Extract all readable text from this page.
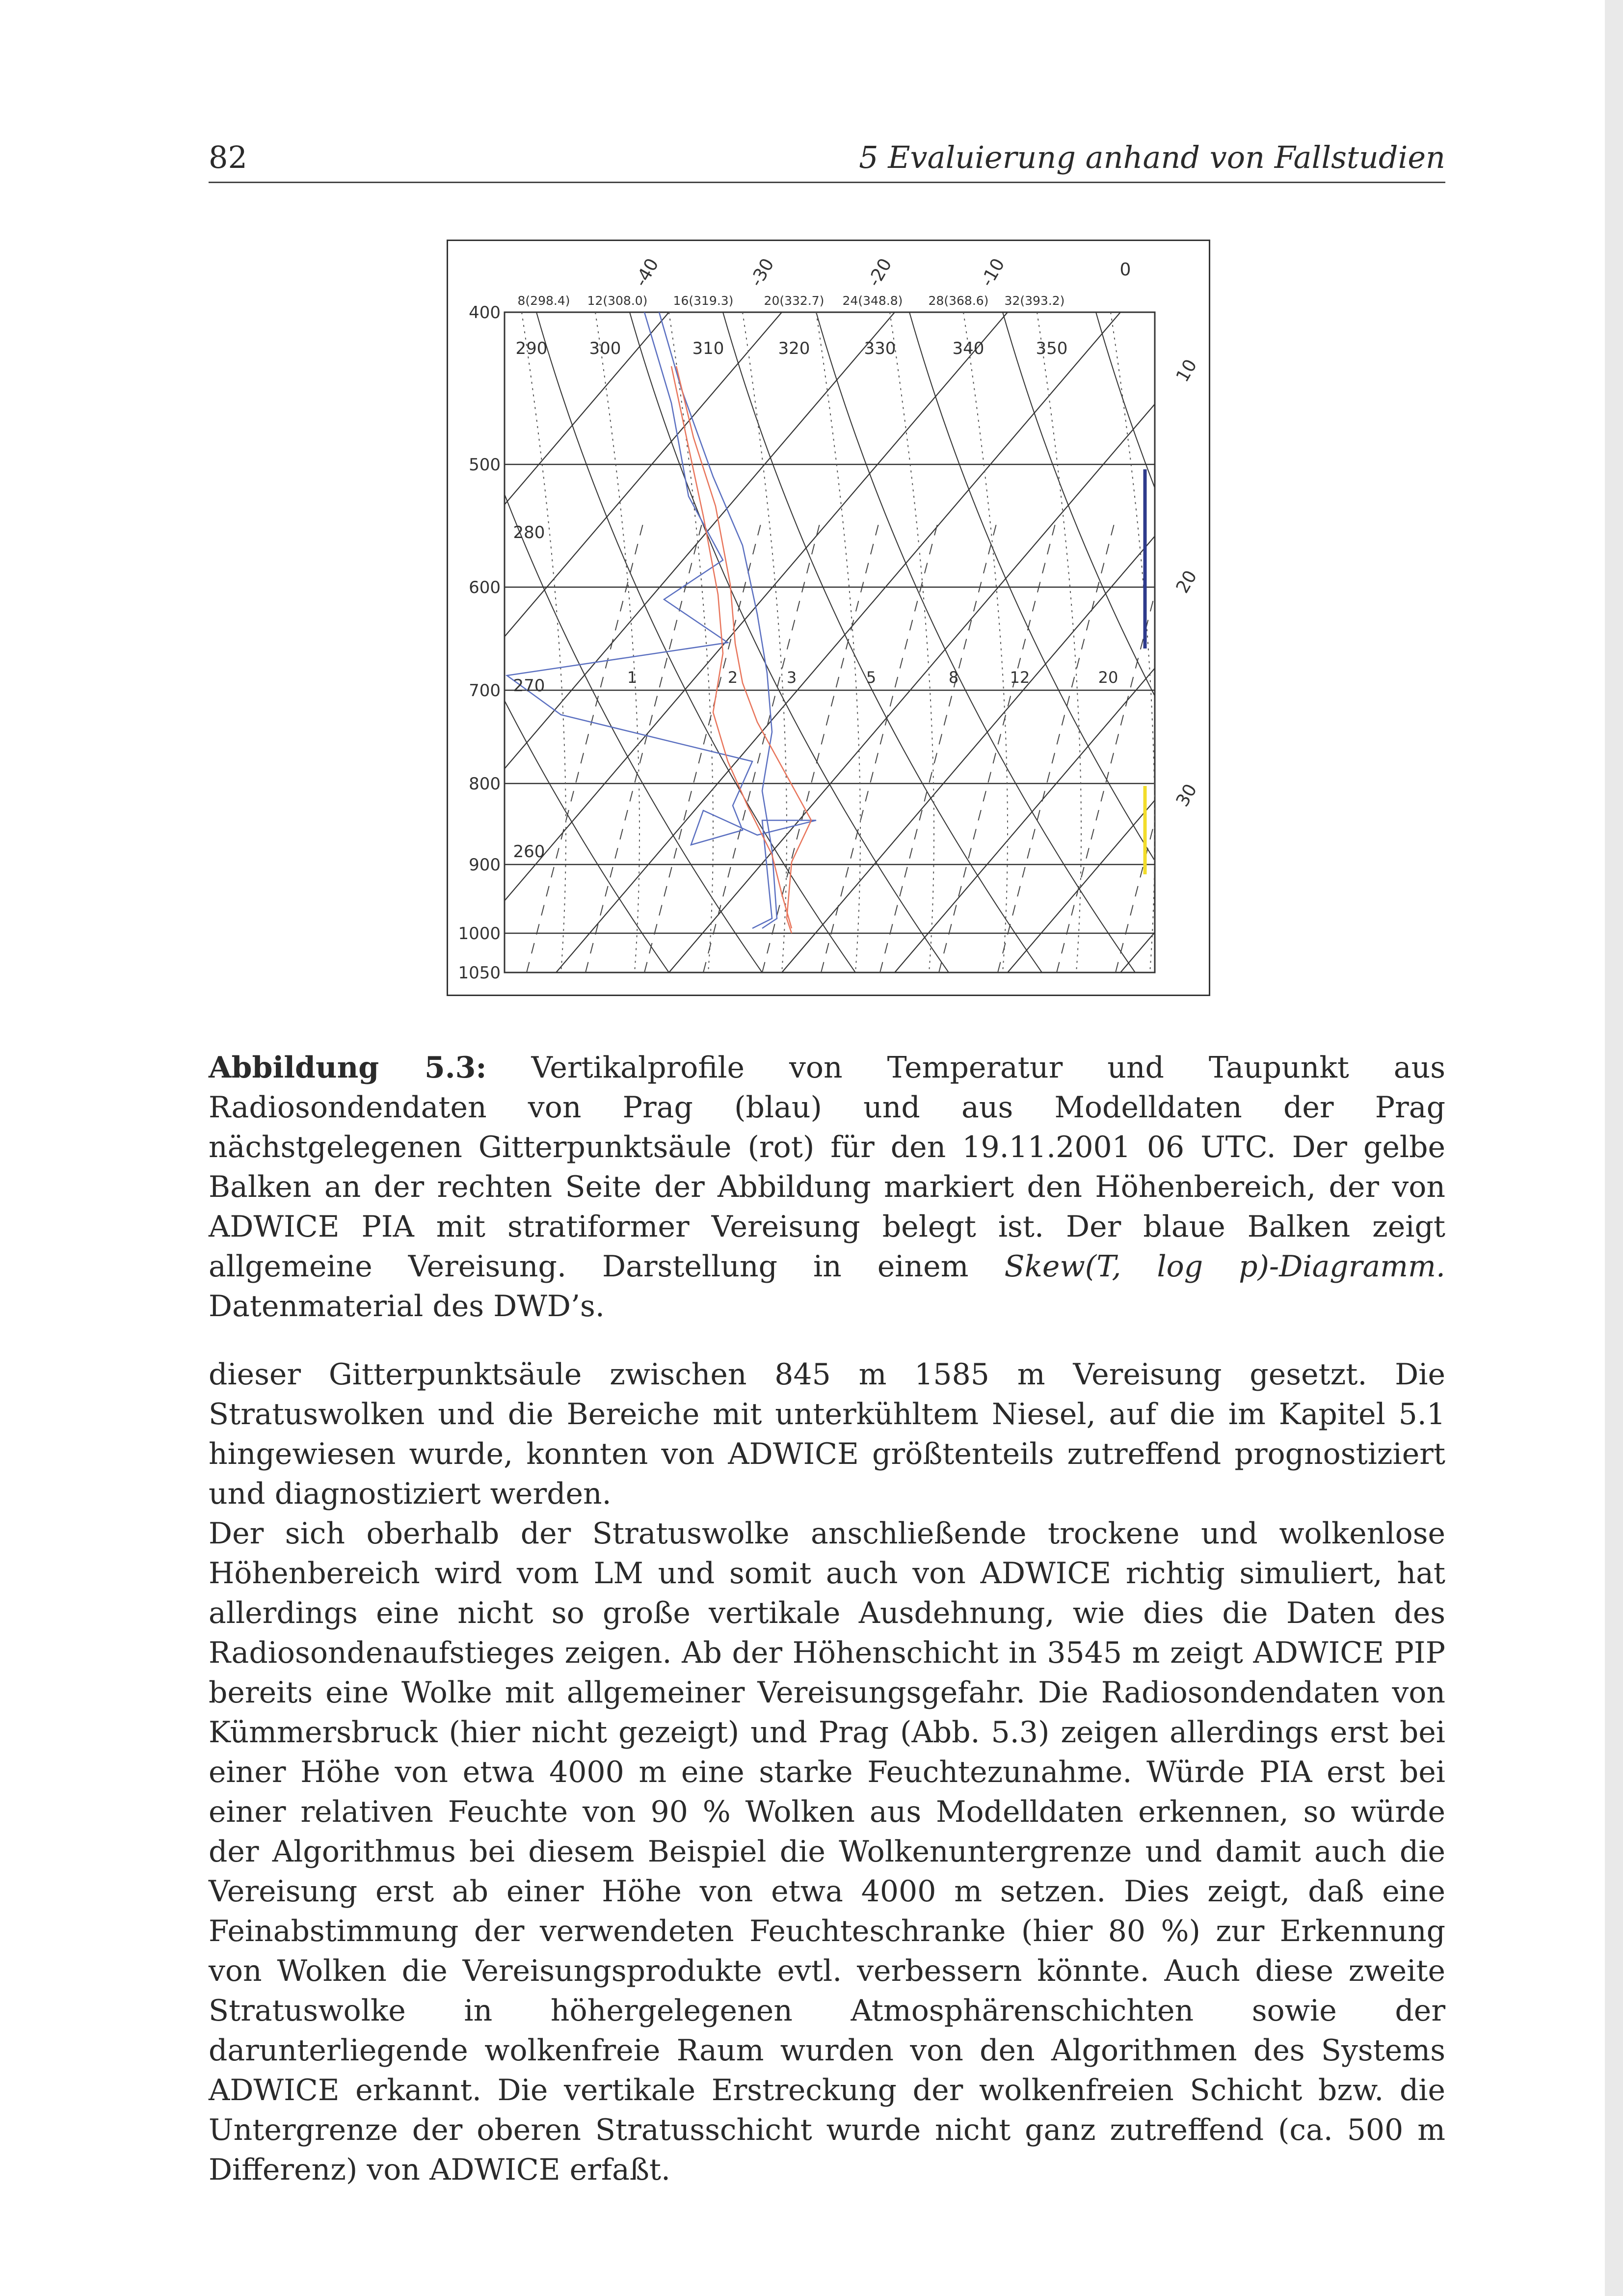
82	5 Evaluierung anhand von Fallstudien
400
500
600
700
800
900
1000
1050
-40	-30	-20	-10	0
10
20
30
8(298.4) 12(308.0) 16(319.3) 20(332.7) 24(348.8) 28(368.6) 32(393.2)
290	300	310	320	330	340	350
280
270
260
1	2	3	5	8	12	20
Abbildung 5.3: Vertikalprofile von Temperatur und Taupunkt aus Radiosondendaten von Prag (blau) und aus Modelldaten der Prag nächstgelegenen Gitterpunktsäule (rot) für den 19.11.2001 06 UTC. Der gelbe Balken an der rechten Seite der Abbildung markiert den Höhenbereich, der von ADWICE PIA mit stratiformer Vereisung belegt ist. Der blaue Balken zeigt allgemeine Vereisung. Darstellung in einem Skew(T, log p)-Diagramm. Datenmaterial des DWD’s.

dieser Gitterpunktsäule zwischen 845 m 1585 m Vereisung gesetzt. Die Stratuswolken und die Bereiche mit unterkühltem Niesel, auf die im Kapitel 5.1 hingewiesen wurde, konnten von ADWICE größtenteils zutreffend prognostiziert und diagnostiziert werden.

Der sich oberhalb der Stratuswolke anschließende trockene und wolkenlose Höhenbereich wird vom LM und somit auch von ADWICE richtig simuliert, hat allerdings eine nicht so große vertikale Ausdehnung, wie dies die Daten des Radiosondenaufstieges zeigen. Ab der Höhenschicht in 3545 m zeigt ADWICE PIP bereits eine Wolke mit allgemeiner Vereisungsgefahr. Die Radiosondendaten von Kümmersbruck (hier nicht gezeigt) und Prag (Abb. 5.3) zeigen allerdings erst bei einer Höhe von etwa 4000 m eine starke Feuchtezunahme. Würde PIA erst bei einer relativen Feuchte von 90 % Wolken aus Modelldaten erkennen, so würde der Algorithmus bei diesem Beispiel die Wolkenuntergrenze und damit auch die Vereisung erst ab einer Höhe von etwa 4000 m setzen. Dies zeigt, daß eine Feinabstimmung der verwendeten Feuchteschranke (hier 80 %) zur Erkennung von Wolken die Vereisungsprodukte evtl. verbessern könnte. Auch diese zweite Stratuswolke in höhergelegenen Atmosphärenschichten sowie der darunterliegende wolkenfreie Raum wurden von den Algorithmen des Systems ADWICE erkannt. Die vertikale Erstreckung der wolkenfreien Schicht bzw. die Untergrenze der oberen Stratusschicht wurde nicht ganz zutreffend (ca. 500 m Differenz) von ADWICE erfaßt.
